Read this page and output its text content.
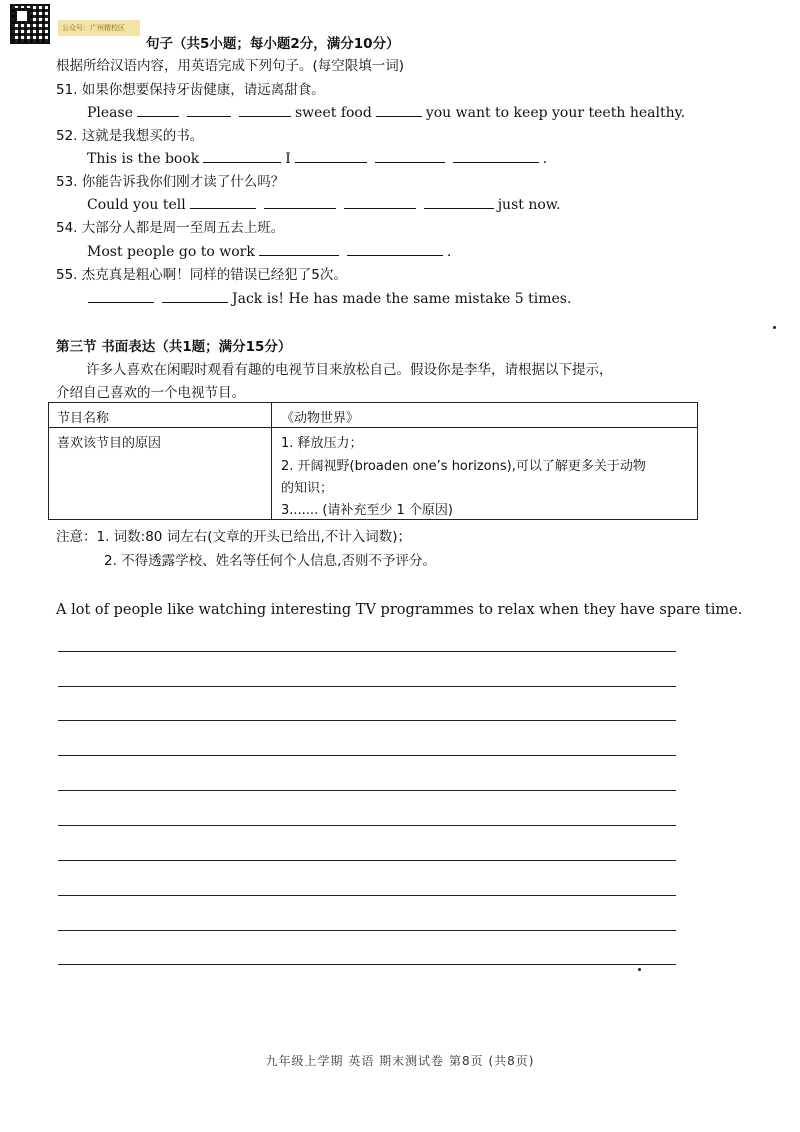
公众号：广州精校区
句子（共5小题；每小题2分，满分10分）
根据所给汉语内容，用英语完成下列句子。(每空限填一词)
51. 如果你想要保持牙齿健康，请远离甜食。
Please	sweet food	you want to keep your teeth healthy.
52. 这就是我想买的书。
This is the book	I	.
53. 你能告诉我你们刚才读了什么吗？
Could you tell	just now.
54. 大部分人都是周一至周五去上班。
Most people go to work	.
55. 杰克真是粗心啊！同样的错误已经犯了5次。
Jack is! He has made the same mistake 5 times.
第三节 书面表达（共1题；满分15分）
许多人喜欢在闲暇时观看有趣的电视节目来放松自己。假设你是李华，请根据以下提示，
介绍自己喜欢的一个电视节目。
节目名称	《动物世界》
喜欢该节目的原因	1. 释放压力；
2. 开阔视野(broaden one’s horizons),可以了解更多关于动物
的知识；
3....... (请补充至少 1 个原因)
注意：1. 词数:80 词左右(文章的开头已给出,不计入词数)；
2. 不得透露学校、姓名等任何个人信息,否则不予评分。
A lot of people like watching interesting TV programmes to relax when they have spare time.
九年级上学期 英语 期末测试卷 第8页 (共8页)
